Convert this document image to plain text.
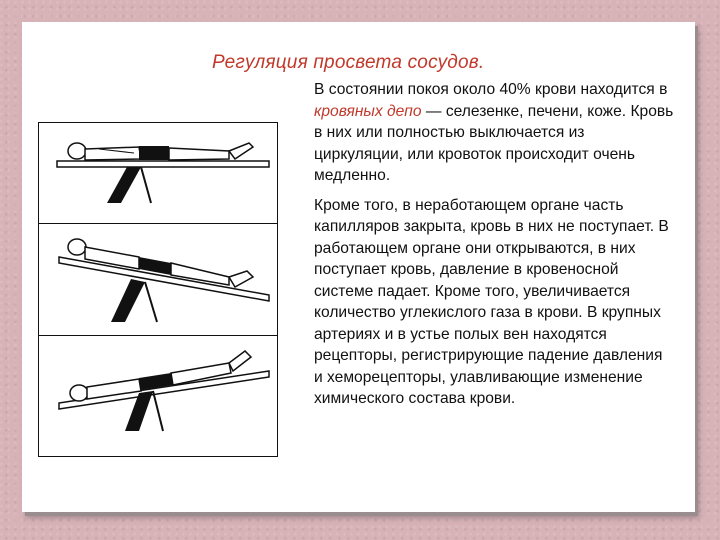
Регуляция просвета сосудов.

В состоянии покоя около 40% крови находится в кровяных депо — селезенке, печени, коже. Кровь в них или полностью выключается из циркуляции, или кровоток происходит очень медленно.

Кроме того, в неработающем органе часть капилляров закрыта, кровь в них не поступает. В работающем органе они открываются, в них поступает кровь, давление в кровеносной системе падает. Кроме того, увеличивается количество углекислого газа в крови. В крупных артериях и в устье полых вен находятся рецепторы, регистрирующие падение давления и хеморецепторы, улавливающие изменение химического состава крови.
